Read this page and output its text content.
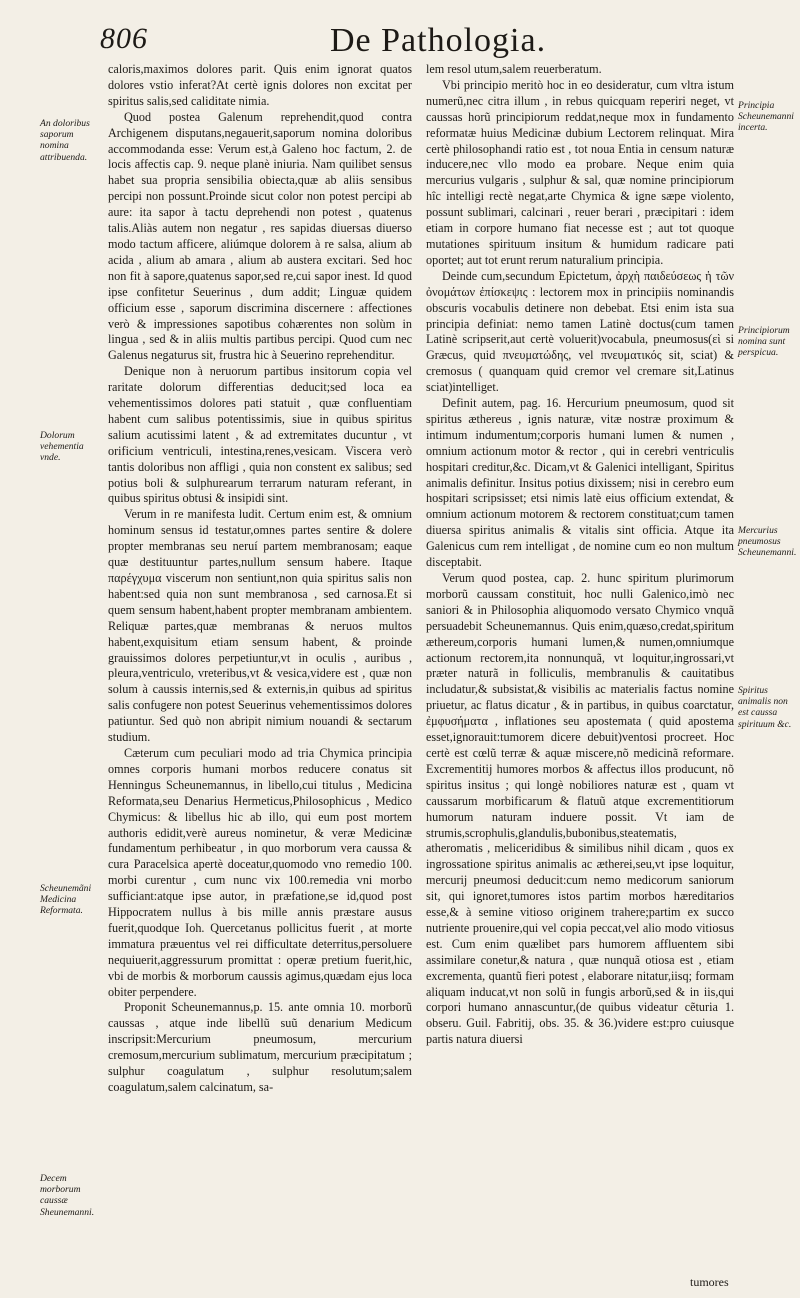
806	De Pathologia.
An doloribus saporum nomina attribuenda.
Dolorum vehementia vnde.
Scheunemãni Medicina Reformata.
Decem morborum caussæ Sheunemanni.
Principia Scheunemanni incerta.
Principiorum nomina sunt perspicua.
Mercurius pneumosus Scheunemanni.
Spiritus animalis non est caussa spirituum &c.

caloris,maximos dolores parit. Quis enim ignorat quatos dolores vstio inferat?At certè ignis dolores non excitat per spiritus salis,sed caliditate nimia.

Quod postea Galenum reprehendit,quod contra Archigenem disputans,negauerit,saporum nomina doloribus accommodanda esse: Verum est,à Galeno hoc factum, 2. de locis affectis cap. 9. neque planè iniuria. Nam quilibet sensus habet sua propria sensibilia obiecta,quæ ab aliis sensibus percipi non possunt.Proinde sicut color non potest percipi ab aure: ita sapor à tactu deprehendi non potest , quatenus talis.Aliàs autem non negatur , res sapidas diuersas diuerso modo tactum afficere, aliúmque dolorem à re salsa, alium ab acida , alium ab amara , alium ab austera excitari. Sed hoc non fit à sapore,quatenus sapor,sed re,cui sapor inest. Id quod ipse confitetur Seuerinus , dum addit; Linguæ quidem officium esse , saporum discrimina discernere : affectiones verò & impressiones sapotibus cohærentes non solùm in lingua , sed & in aliis multis partibus percipi. Quod cum nec Galenus negaturus sit, frustra hic à Seuerino reprehenditur.

Denique non à neruorum partibus insitorum copia vel raritate dolorum differentias deducit;sed loca ea vehementissimos dolores pati statuit , quæ confluentiam habent cum salibus potentissimis, siue in quibus spiritus salium acutissimi latent , & ad extremitates ducuntur , vt orificium ventriculi, intestina,renes,vesicam. Viscera verò tantis doloribus non affligi , quia non constent ex salibus; sed potius boli & sulphurearum terrarum naturam referant, in quibus spiritus obtusi & insipidi sint.

Verum in re manifesta ludit. Certum enim est, & omnium hominum sensus id testatur,omnes partes sentire & dolere propter membranas seu neruí partem membranosam; eaque quæ destituuntur partes,nullum sensum habere. Itaque παρέγχυμα viscerum non sentiunt,non quia spiritus salis non habent:sed quia non sunt membranosa , sed carnosa.Et si quem sensum habent,habent propter membranam ambientem. Reliquæ partes,quæ membranas & neruos multos habent,exquisitum etiam sensum habent, & proinde grauissimos dolores perpetiuntur,vt in oculis , auribus , pleura,ventriculo, vreteribus,vt & vesica,videre est , quæ non solum à caussis internis,sed & externis,in quibus ad spiritus salis confugere non potest Seuerinus vehementissimos dolores patiuntur. Sed quò non abripit nimium nouandi & sectarum studium.

Cæterum cum peculiari modo ad tria Chymica principia omnes corporis humani morbos reducere conatus sit Henningus Scheunemannus, in libello,cui titulus , Medicina Reformata,seu Denarius Hermeticus,Philosophicus , Medico Chymicus: & libellus hic ab illo, qui eum post mortem authoris edidit,verè aureus nominetur, & veræ Medicinæ fundamentum perhibeatur , in quo morborum vera caussa & cura Paracelsica apertè doceatur,quomodo vno remedio 100. morbi curentur , cum nunc vix 100.remedia vni morbo sufficiant:atque ipse autor, in præfatione,se id,quod post Hippocratem nullus à bis mille annis præstare ausus fuerit,quodque Ioh. Quercetanus pollicitus fuerit , at morte immatura præuentus vel rei difficultate deterritus,persoluere nequiuerit,aggressurum promittat : operæ pretium fuerit,hic, vbi de morbis & morborum caussis agimus,quædam ejus loca obiter perpendere.

Proponit Scheunemannus,p. 15. ante omnia 10. morborũ caussas , atque inde libellũ suũ denarium Medicum inscripsit:Mercurium pneumosum, mercurium cremosum,mercurium sublimatum, mercurium præcipitatum ; sulphur coagulatum , sulphur resolutum;salem coagulatum,salem calcinatum, sa-

lem resol utum,salem reuerberatum.

Vbi principio meritò hoc in eo desideratur, cum vltra istum numerũ,nec citra illum , in rebus quicquam reperiri neget, vt caussas horũ principiorum reddat,neque mox in fundamento reformatæ huius Medicinæ dubium Lectorem relinquat. Mira certè philosophandi ratio est , tot noua Entia in censum naturæ inducere,nec vllo modo ea probare. Neque enim quia mercurius vulgaris , sulphur & sal, quæ nomine principiorum hîc intelligi rectè negat,arte Chymica & igne sæpe violento, possunt sublimari, calcinari , reuer berari , præcipitari : idem etiam in corpore humano fiat necesse est ; aut tot quoque mutationes spirituum insitum & humidum radicare pati oportet; aut tot erunt rerum naturalium principia.

Deinde cum,secundum Epictetum, ἀρχὴ παιδεύσεως ἡ τῶν ὀνομάτων ἐπίσκεψις : lectorem mox in principiis nominandis obscuris vocabulis detinere non debebat. Etsi enim ista sua principia definiat: nemo tamen Latinè doctus(cum tamen Latinè scripserit,aut certè voluerit)vocabula, pneumosus(εὶ si Græcus, quid πνευματώδης, vel πνευματικός sit, sciat) & cremosus ( quanquam quid cremor vel cremare sit,Latinus sciat)intelliget.

Definit autem, pag. 16. Hercurium pneumosum, quod sit spiritus æthereus , ignis naturæ, vitæ nostræ proximum & intimum indumentum;corporis humani lumen & numen , omnium actionum motor & rector , qui in cerebri ventriculis hospitari creditur,&c. Dicam,vt & Galenici intelligant, Spiritus animalis definitur. Insitus potius dixissem; nisi in cerebro eum hospitari scripsisset; etsi nimis latè eius officium extendat, & omnium actionum motorem & rectorem constituat;cum tamen diuersa spiritus animalis & vitalis sint officia. Atque ita Galenicus cum rem intelligat , de nomine cum eo non multum disceptabit.

Verum quod postea, cap. 2. hunc spiritum plurimorum morborũ caussam constituit, hoc nulli Galenico,imò nec saniori & in Philosophia aliquomodo versato Chymico vnquã persuadebit Scheunemannus. Quis enim,quæso,credat,spiritum æthereum,corporis humani lumen,& numen,omniumque actionum rectorem,ita nonnunquã, vt loquitur,ingrossari,vt præter naturã in folliculis, membranulis & cauitatibus includatur,& subsistat,& visibilis ac materialis factus nomine priuetur, ac flatus dicatur , & in partibus, in quibus coarctatur, ἐμφυσήματα , inflationes seu apostemata ( quid apostema esset,ignorauit:tumorem dicere debuit)ventosi procreet. Hoc certè est cœlũ terræ & aquæ miscere,nõ medicinã reformare. Excrementitij humores morbos & affectus illos producunt, nõ spiritus insitus ; qui longè nobiliores naturæ est , quam vt caussarum morbificarum & flatuũ atque excrementitiorum humorum naturam induere possit. Vt iam de strumis,scrophulis,glandulis,bubonibus,steatematis, atheromatis , meliceridibus & similibus nihil dicam , quos ex ingrossatione spiritus animalis ac ætherei,seu,vt ipse loquitur, mercurij pneumosi deducit:cum nemo medicorum saniorum sit, qui ignoret,tumores istos partim morbos hæreditarios esse,& à semine vitioso originem trahere;partim ex succo nutriente prouenire,qui vel copia peccat,vel alio modo vitiosus est. Cum enim quælibet pars humorem affluentem sibi assimilare conetur,& natura , quæ nunquã otiosa est , etiam excrementa, quantũ fieri potest , elaborare nitatur,iisq; formam aliquam inducat,vt non solũ in fungis arborũ,sed & in iis,qui corpori humano annascuntur,(de quibus videatur cẽturia 1. obseru. Guil. Fabritij, obs. 35. & 36.)videre est:pro cuiusque partis natura diuersi

tumores
